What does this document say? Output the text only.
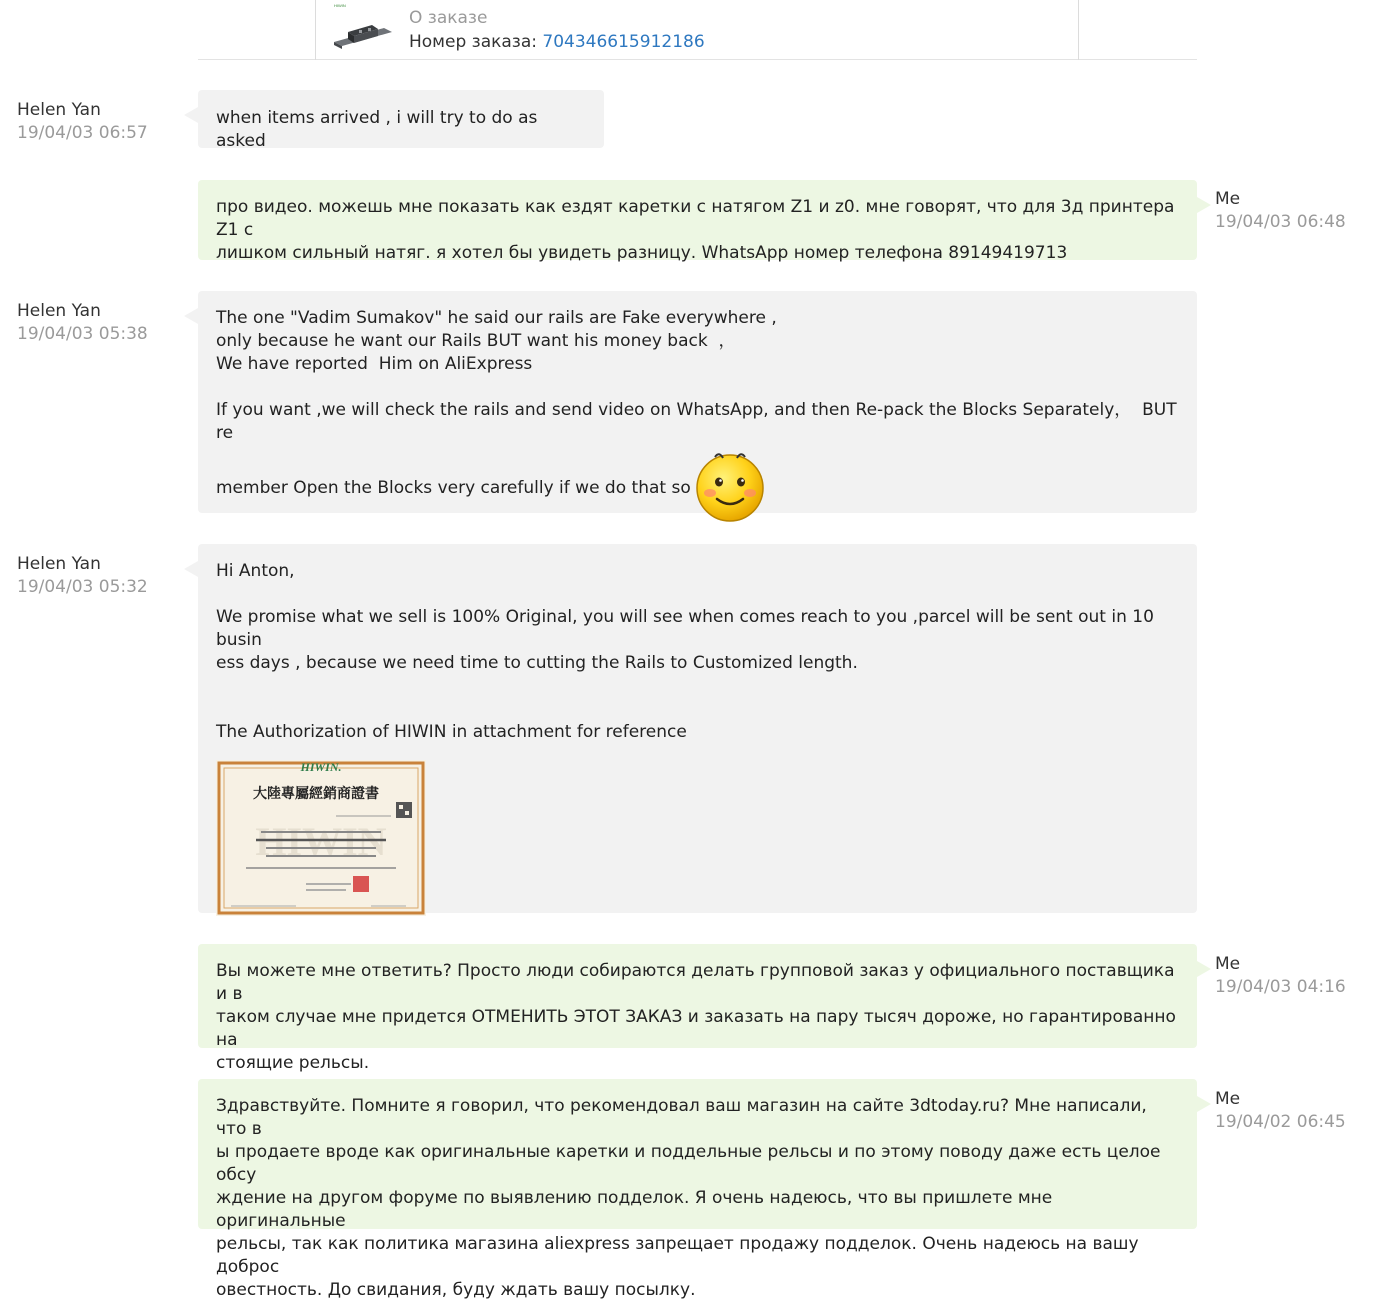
HIWIN
О заказе
Номер заказа: 704346615912186
Helen Yan
19/04/03 06:57

when items arrived , i will try to do as asked

про видео. можешь мне показать как ездят каретки с натягом Z1 и z0. мне говорят, что для 3д принтера Z1 с

лишком сильный натяг. я хотел бы увидеть разницу. WhatsApp номер телефона 89149419713

Me
19/04/03 06:48
Helen Yan
19/04/03 05:38

The one "Vadim Sumakov" he said our rails are Fake everywhere ,

only because he want our Rails BUT want his money back  ，

We have reported  Him on AliExpress

If you want ,we will check the rails and send video on WhatsApp, and then Re-pack the Blocks Separately，  BUT re

member Open the Blocks very carefully if we do that so
Helen Yan
19/04/03 05:32

Hi Anton,

We promise what we sell is 100% Original, you will see when comes reach to you ,parcel will be sent out in 10 busin

ess days , because we need time to cutting the Rails to Customized length.

The Authorization of HIWIN in attachment for reference

HIWIN.
大陸專屬經銷商證書
HIWIN

Вы можете мне ответить? Просто люди собираются делать групповой заказ у официального поставщика и в

таком случае мне придется ОТМЕНИТЬ ЭТОТ ЗАКАЗ и заказать на пару тысяч дороже, но гарантированно на

стоящие рельсы.

Me
19/04/03 04:16

Здравствуйте. Помните я говорил, что рекомендовал ваш магазин на сайте 3dtoday.ru? Мне написали, что в

ы продаете вроде как оригинальные каретки и поддельные рельсы и по этому поводу даже есть целое обсу

ждение на другом форуме по выявлению подделок. Я очень надеюсь, что вы пришлете мне оригинальные

рельсы, так как политика магазина aliexpress запрещает продажу подделок. Очень надеюсь на вашу доброс

овестность. До свидания, буду ждать вашу посылку.

Me
19/04/02 06:45
